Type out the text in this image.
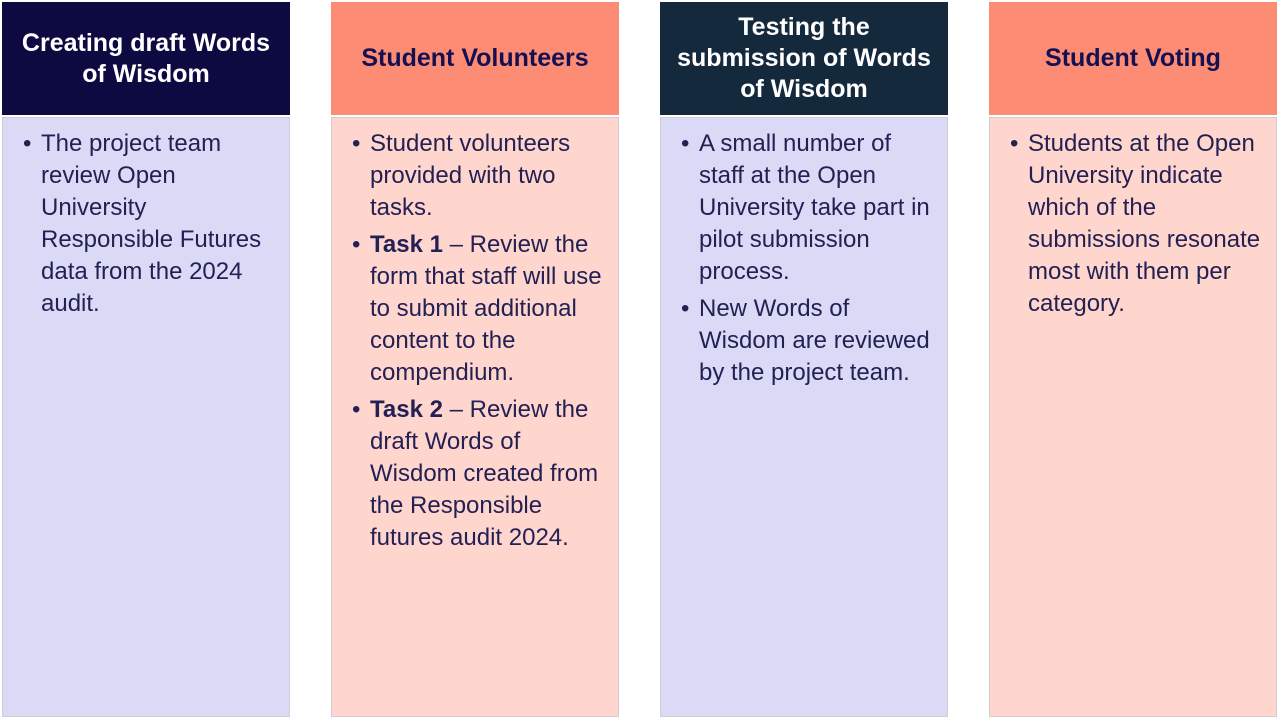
Creating draft Words of Wisdom
• The project team review Open University Responsible Futures data from the 2024 audit.
Student Volunteers
• Student volunteers provided with two tasks.
• Task 1 – Review the form that staff will use to submit additional content to the compendium.
• Task 2 – Review the draft Words of Wisdom created from the Responsible futures audit 2024.
Testing the submission of Words of Wisdom
• A small number of staff at the Open University take part in pilot submission process.
• New Words of Wisdom are reviewed by the project team.
Student Voting
• Students at the Open University indicate which of the submissions resonate most with them per category.
